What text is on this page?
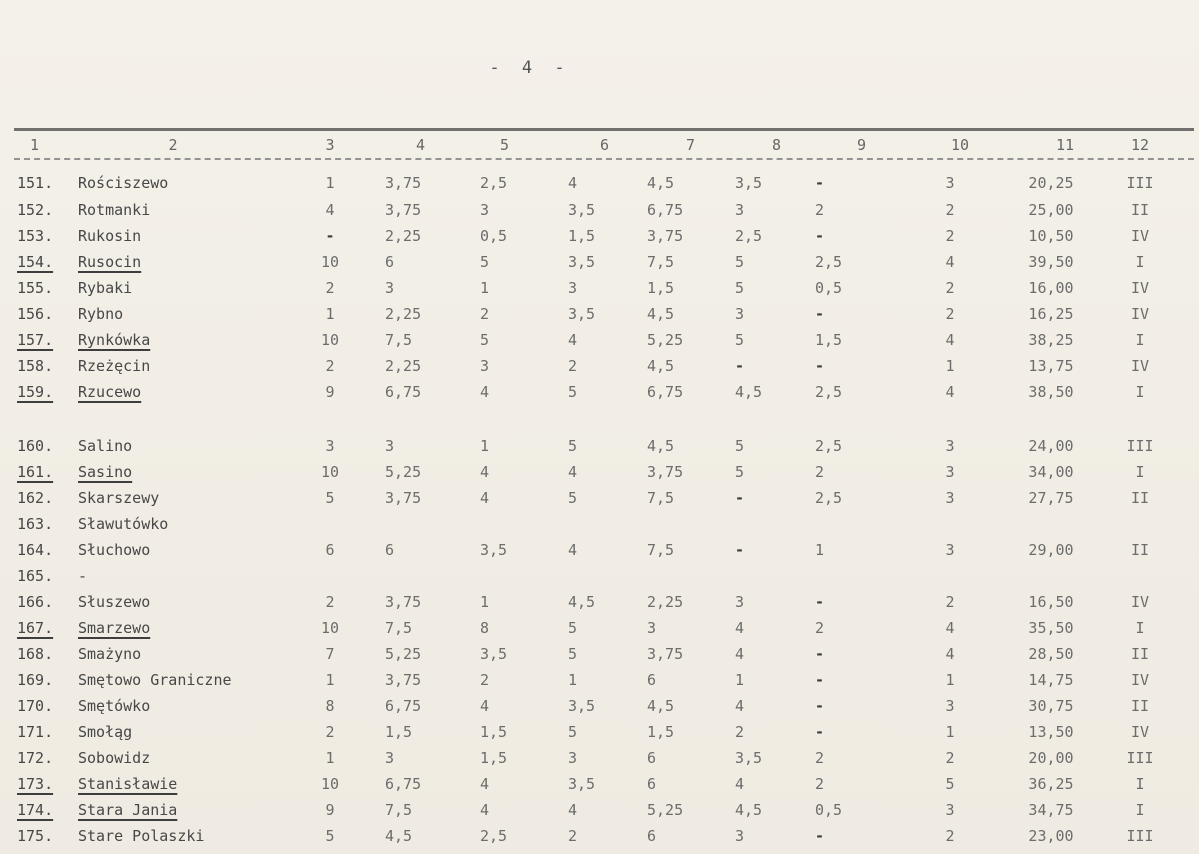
- 4 -
1	2	3	4	5	6	7	8	9	10	11	12
151.	Rościszewo	1	3,75	2,5	4	4,5	3,5	-	3	20,25	III
152.	Rotmanki	4	3,75	3	3,5	6,75	3	2	2	25,00	II
153.	Rukosin	-	2,25	0,5	1,5	3,75	2,5	-	2	10,50	IV
154.	Rusocin	10	6	5	3,5	7,5	5	2,5	4	39,50	I
155.	Rybaki	2	3	1	3	1,5	5	0,5	2	16,00	IV
156.	Rybno	1	2,25	2	3,5	4,5	3	-	2	16,25	IV
157.	Rynkówka	10	7,5	5	4	5,25	5	1,5	4	38,25	I
158.	Rzeżęcin	2	2,25	3	2	4,5	-	-	1	13,75	IV
159.	Rzucewo	9	6,75	4	5	6,75	4,5	2,5	4	38,50	I
160.	Salino	3	3	1	5	4,5	5	2,5	3	24,00	III
161.	Sasino	10	5,25	4	4	3,75	5	2	3	34,00	I
162.	Skarszewy	5	3,75	4	5	7,5	-	2,5	3	27,75	II
163.	Sławutówko
164.	Słuchowo	6	6	3,5	4	7,5	-	1	3	29,00	II
165.	-
166.	Słuszewo	2	3,75	1	4,5	2,25	3	-	2	16,50	IV
167.	Smarzewo	10	7,5	8	5	3	4	2	4	35,50	I
168.	Smażyno	7	5,25	3,5	5	3,75	4	-	4	28,50	II
169.	Smętowo Graniczne	1	3,75	2	1	6	1	-	1	14,75	IV
170.	Smętówko	8	6,75	4	3,5	4,5	4	-	3	30,75	II
171.	Smołąg	2	1,5	1,5	5	1,5	2	-	1	13,50	IV
172.	Sobowidz	1	3	1,5	3	6	3,5	2	2	20,00	III
173.	Stanisławie	10	6,75	4	3,5	6	4	2	5	36,25	I
174.	Stara Jania	9	7,5	4	4	5,25	4,5	0,5	3	34,75	I
175.	Stare Polaszki	5	4,5	2,5	2	6	3	-	2	23,00	III
